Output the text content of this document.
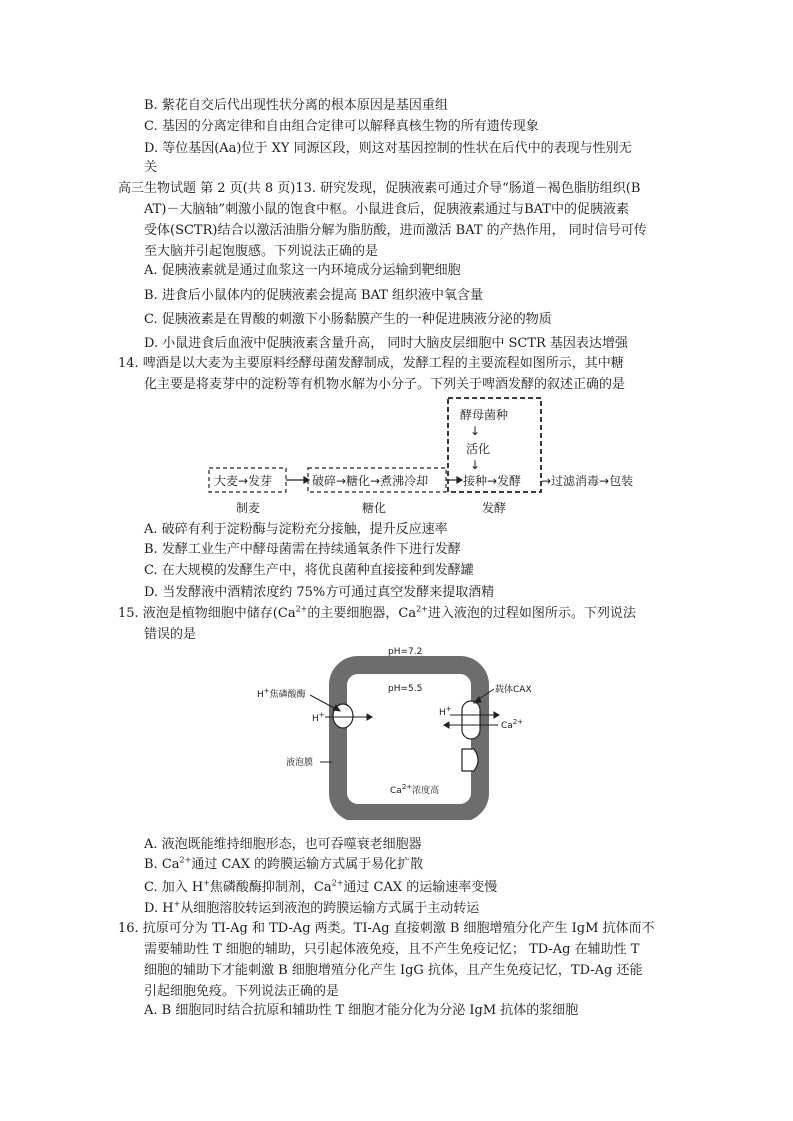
B. 紫花自交后代出现性状分离的根本原因是基因重组
C. 基因的分离定律和自由组合定律可以解释真核生物的所有遗传现象
D. 等位基因(Aa)位于 XY 同源区段，则这对基因控制的性状在后代中的表现与性别无
关
高三生物试题 第 2 页(共 8 页)13. 研究发现，促胰液素可通过介导“肠道－褐色脂肪组织(B
AT)－大脑轴”刺激小鼠的饱食中枢。小鼠进食后，促胰液素通过与BAT中的促胰液素
受体(SCTR)结合以激活油脂分解为脂肪酸，进而激活 BAT 的产热作用， 同时信号可传
至大脑并引起饱腹感。下列说法正确的是
A. 促胰液素就是通过血浆这一内环境成分运输到靶细胞
B. 进食后小鼠体内的促胰液素会提高 BAT 组织液中氧含量
C. 促胰液素是在胃酸的刺激下小肠黏膜产生的一种促进胰液分泌的物质
D. 小鼠进食后血液中促胰液素含量升高， 同时大脑皮层细胞中 SCTR 基因表达增强
14. 啤酒是以大麦为主要原料经酵母菌发酵制成，发酵工程的主要流程如图所示，其中糖
化主要是将麦芽中的淀粉等有机物水解为小分子。下列关于啤酒发酵的叙述正确的是
酵母菌种
↓
活化
↓
大麦→发芽	破碎→糖化→煮沸冷却	接种→发酵 →过滤消毒→包装
制麦	糖化	发酵
A. 破碎有利于淀粉酶与淀粉充分接触，提升反应速率
B. 发酵工业生产中酵母菌需在持续通氧条件下进行发酵
C. 在大规模的发酵生产中，将优良菌种直接接种到发酵罐
D. 当发酵液中酒精浓度约 75%方可通过真空发酵来提取酒精
15. 液泡是植物细胞中储存($Ca^{2+}$的主要细胞器，$Ca^{2+}$进入液泡的过程如图所示。下列说法
错误的是
pH=7.2
pH=5.5
H+焦磷酸酶
H+
载体CAX
H+
$Ca^{2+}$
液泡膜
$Ca^{2+}$浓度高
A. 液泡既能维持细胞形态，也可吞噬衰老细胞器
B. $Ca^{2+}$通过 CAX 的跨膜运输方式属于易化扩散
C. 加入 H+焦磷酸酶抑制剂，$Ca^{2+}$通过 CAX 的运输速率变慢
D. H+从细胞溶胶转运到液泡的跨膜运输方式属于主动转运
16. 抗原可分为 TI-Ag 和 TD-Ag 两类。TI-Ag 直接刺激 B 细胞增殖分化产生 IgM 抗体而不
需要辅助性 T 细胞的辅助，只引起体液免疫，且不产生免疫记忆； TD-Ag 在辅助性 T
细胞的辅助下才能刺激 B 细胞增殖分化产生 IgG 抗体，且产生免疫记忆，TD-Ag 还能
引起细胞免疫。下列说法正确的是
A. B 细胞同时结合抗原和辅助性 T 细胞才能分化为分泌 IgM 抗体的浆细胞
